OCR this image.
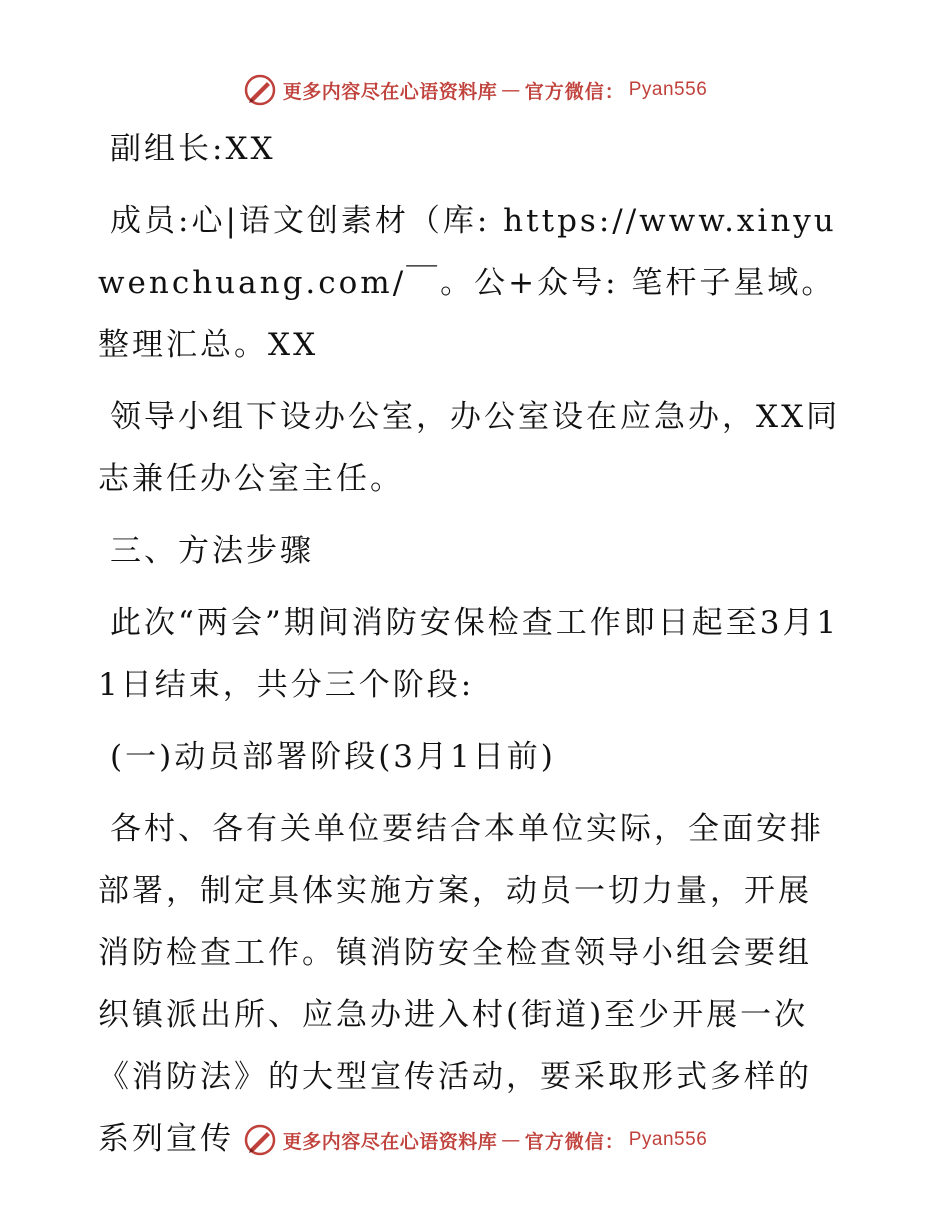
更多内容尽在心语资料库 — 官方微信： Pyan556

副组长:XX

成员:心|语文创素材（库: https://www.xinyuwenchuang.com/￣。公+众号: 笔杆子星域。整理汇总。XX

领导小组下设办公室，办公室设在应急办，XX同志兼任办公室主任。

三、方法步骤

此次“两会”期间消防安保检查工作即日起至3月11日结束，共分三个阶段:

(一)动员部署阶段(3月1日前)

各村、各有关单位要结合本单位实际，全面安排部署，制定具体实施方案，动员一切力量，开展消防检查工作。镇消防安全检查领导小组会要组织镇派出所、应急办进入村(街道)至少开展一次《消防法》的大型宣传活动，要采取形式多样的系列宣传	更多内容尽在心语资料库 — 官方微信： Pyan556
